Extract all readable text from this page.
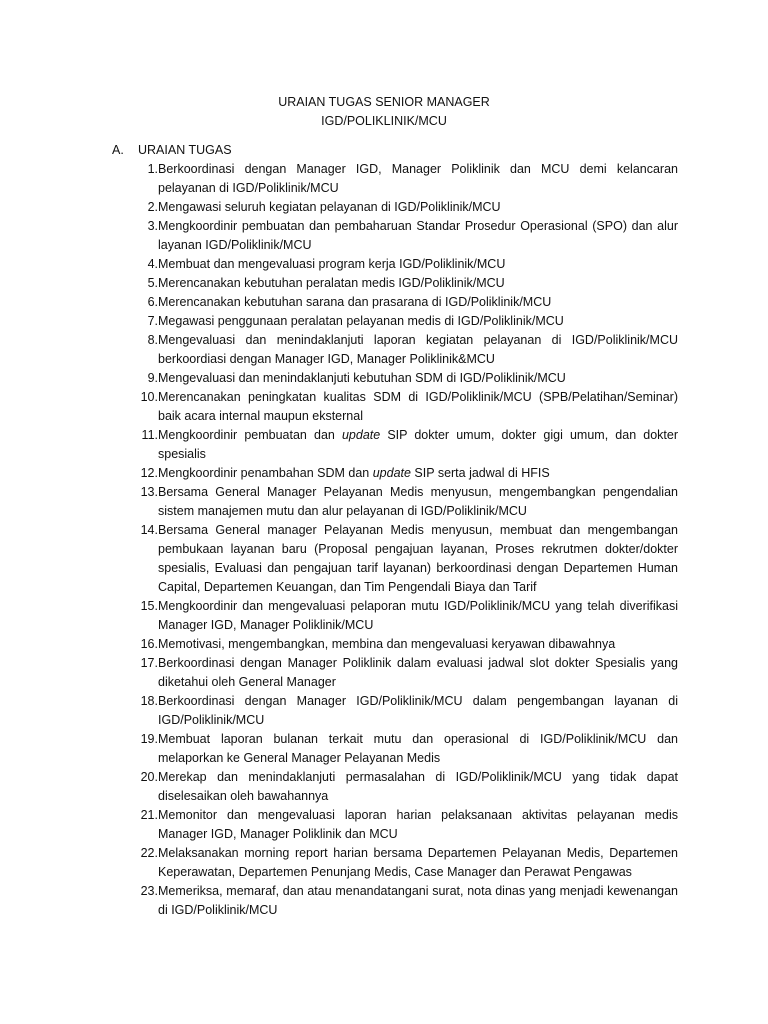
URAIAN TUGAS SENIOR MANAGER
IGD/POLIKLINIK/MCU
A. URAIAN TUGAS
1. Berkoordinasi dengan Manager IGD, Manager Poliklinik dan MCU demi kelancaran pelayanan di IGD/Poliklinik/MCU
2. Mengawasi seluruh kegiatan pelayanan di IGD/Poliklinik/MCU
3. Mengkoordinir pembuatan dan pembaharuan Standar Prosedur Operasional (SPO) dan alur layanan IGD/Poliklinik/MCU
4. Membuat dan mengevaluasi program kerja IGD/Poliklinik/MCU
5. Merencanakan kebutuhan peralatan medis IGD/Poliklinik/MCU
6. Merencanakan kebutuhan sarana dan prasarana di IGD/Poliklinik/MCU
7. Megawasi penggunaan peralatan pelayanan medis di IGD/Poliklinik/MCU
8. Mengevaluasi dan menindaklanjuti laporan kegiatan pelayanan di IGD/Poliklinik/MCU berkoordiasi dengan Manager IGD, Manager Poliklinik&MCU
9. Mengevaluasi dan menindaklanjuti kebutuhan SDM di IGD/Poliklinik/MCU
10. Merencanakan peningkatan kualitas SDM di IGD/Poliklinik/MCU (SPB/Pelatihan/Seminar) baik acara internal maupun eksternal
11. Mengkoordinir pembuatan dan update SIP dokter umum, dokter gigi umum, dan dokter spesialis
12. Mengkoordinir penambahan SDM dan update SIP serta jadwal di HFIS
13. Bersama General Manager Pelayanan Medis menyusun, mengembangkan pengendalian sistem manajemen mutu dan alur pelayanan di IGD/Poliklinik/MCU
14. Bersama General manager Pelayanan Medis menyusun, membuat dan mengembangan pembukaan layanan baru (Proposal pengajuan layanan, Proses rekrutmen dokter/dokter spesialis, Evaluasi dan pengajuan tarif layanan) berkoordinasi dengan Departemen Human Capital, Departemen Keuangan, dan Tim Pengendali Biaya dan Tarif
15. Mengkoordinir dan mengevaluasi pelaporan mutu IGD/Poliklinik/MCU yang telah diverifikasi Manager IGD, Manager Poliklinik/MCU
16. Memotivasi, mengembangkan, membina dan mengevaluasi keryawan dibawahnya
17. Berkoordinasi dengan Manager Poliklinik dalam evaluasi jadwal slot dokter Spesialis yang diketahui oleh General Manager
18. Berkoordinasi dengan Manager IGD/Poliklinik/MCU dalam pengembangan layanan di IGD/Poliklinik/MCU
19. Membuat laporan bulanan terkait mutu dan operasional di IGD/Poliklinik/MCU dan melaporkan ke General Manager Pelayanan Medis
20. Merekap dan menindaklanjuti permasalahan di IGD/Poliklinik/MCU yang tidak dapat diselesaikan oleh bawahannya
21. Memonitor dan mengevaluasi laporan harian pelaksanaan aktivitas pelayanan medis Manager IGD, Manager Poliklinik dan MCU
22. Melaksanakan morning report harian bersama Departemen Pelayanan Medis, Departemen Keperawatan, Departemen Penunjang Medis, Case Manager dan Perawat Pengawas
23. Memeriksa, memaraf, dan atau menandatangani surat, nota dinas yang menjadi kewenangan di IGD/Poliklinik/MCU
